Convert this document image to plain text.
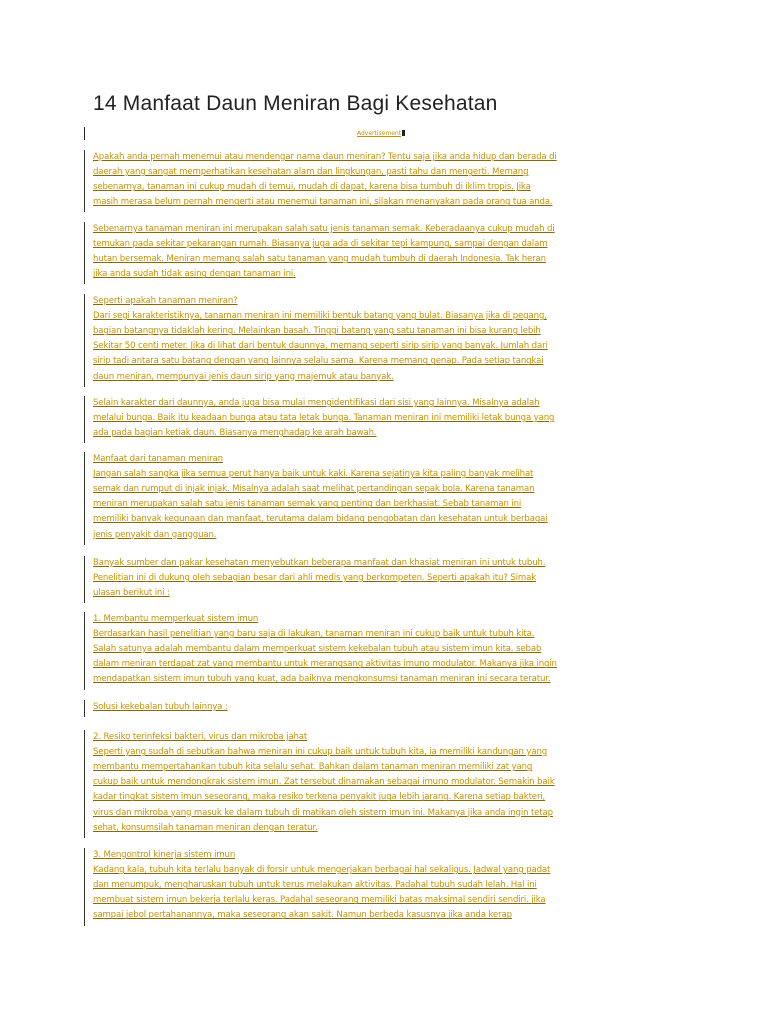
14 Manfaat Daun Meniran Bagi Kesehatan
Advertisement
Apakah anda pernah menemui atau mendengar nama daun meniran? Tentu saja jika anda hidup dan berada di
daerah yang sangat memperhatikan kesehatan alam dan lingkungan, pasti tahu dan mengerti. Memang
sebenarnya, tanaman ini cukup mudah di temui, mudah di dapat, karena bisa tumbuh di iklim tropis. Jika
masih merasa belum pernah mengerti atau menemui tanaman ini, silakan menanyakan pada orang tua anda.
Sebenarnya tanaman meniran ini merupakan salah satu jenis tanaman semak. Keberadaanya cukup mudah di
temukan pada sekitar pekarangan rumah. Biasanya juga ada di sekitar tepi kampung, sampai dengan dalam
hutan bersemak. Meniran memang salah satu tanaman yang mudah tumbuh di daerah Indonesia. Tak heran
jika anda sudah tidak asing dengan tanaman ini.
Seperti apakah tanaman meniran?
Dari segi karakteristiknya, tanaman meniran ini memiliki bentuk batang yang bulat. Biasanya jika di pegang,
bagian batangnya tidaklah kering. Melainkan basah. Tinggi batang yang satu tanaman ini bisa kurang lebih
Sekitar 50 centi meter. Jika di lihat dari bentuk daunnya, memang seperti sirip sirip yang banyak. Jumlah dari
sirip tadi antara satu batang dengan yang lainnya selalu sama. Karena memang genap. Pada setiap tangkai
daun meniran, mempunyai jenis daun sirip yang majemuk atau banyak.
Selain karakter dari daunnya, anda juga bisa mulai mengidentifikasi dari sisi yang lainnya. Misalnya adalah
melalui bunga. Baik itu keadaan bunga atau tata letak bunga. Tanaman meniran ini memiliki letak bunga yang
ada pada bagian ketiak daun. Biasanya menghadap ke arah bawah.
Manfaat dari tanaman meniran
Jangan salah sangka jika semua perut hanya baik untuk kaki. Karena sejatinya kita paling banyak melihat
semak dan rumput di injak injak. Misalnya adalah saat melihat pertandingan sepak bola. Karena tanaman
meniran merupakan salah satu jenis tanaman semak yang penting dan berkhasiat. Sebab tanaman ini
memiliki banyak kegunaan dan manfaat, terutama dalam bidang pengobatan dan kesehatan untuk berbagai
jenis penyakit dan gangguan.
Banyak sumber dan pakar kesehatan menyebutkan beberapa manfaat dan khasiat meniran ini untuk tubuh.
Penelitian ini di dukung oleh sebagian besar dari ahli medis yang berkompeten. Seperti apakah itu? Simak
ulasan berikut ini :
1. Membantu memperkuat sistem imun
Berdasarkan hasil penelitian yang baru saja di lakukan, tanaman meniran ini cukup baik untuk tubuh kita.
Salah satunya adalah membantu dalam memperkuat sistem kekebalan tubuh atau sistem imun kita. sebab
dalam meniran terdapat zat yang membantu untuk merangsang aktivitas imuno modulator. Makanya jika ingin
mendapatkan sistem imun tubuh yang kuat, ada baiknya mengkonsumsi tanaman meniran ini secara teratur.
Solusi kekebalan tubuh lainnya :
2. Resiko terinfeksi bakteri, virus dan mikroba jahat
Seperti yang sudah di sebutkan bahwa meniran ini cukup baik untuk tubuh kita, ia memiliki kandungan yang
membantu mempertahankan tubuh kita selalu sehat. Bahkan dalam tanaman meniran memiliki zat yang
cukup baik untuk mendongkrak sistem imun. Zat tersebut dinamakan sebagai imuno modulator. Semakin baik
kadar tingkat sistem imun seseorang, maka resiko terkena penyakit juga lebih jarang. Karena setiap bakteri,
virus dan mikroba yang masuk ke dalam tubuh di matikan oleh sistem imun ini. Makanya jika anda ingin tetap
sehat, konsumsilah tanaman meniran dengan teratur.
3. Mengontrol kinerja sistem imun
Kadang kala, tubuh kita terlalu banyak di forsir untuk mengerjakan berbagai hal sekaligus. Jadwal yang padat
dan menumpuk, mengharuskan tubuh untuk terus melakukan aktivitas. Padahal tubuh sudah lelah. Hal ini
membuat sistem imun bekerja terlalu keras. Padahal seseorang memiliki batas maksimal sendiri sendiri. jika
sampai jebol pertahanannya, maka seseorang akan sakit. Namun berbeda kasusnya jika anda kerap
